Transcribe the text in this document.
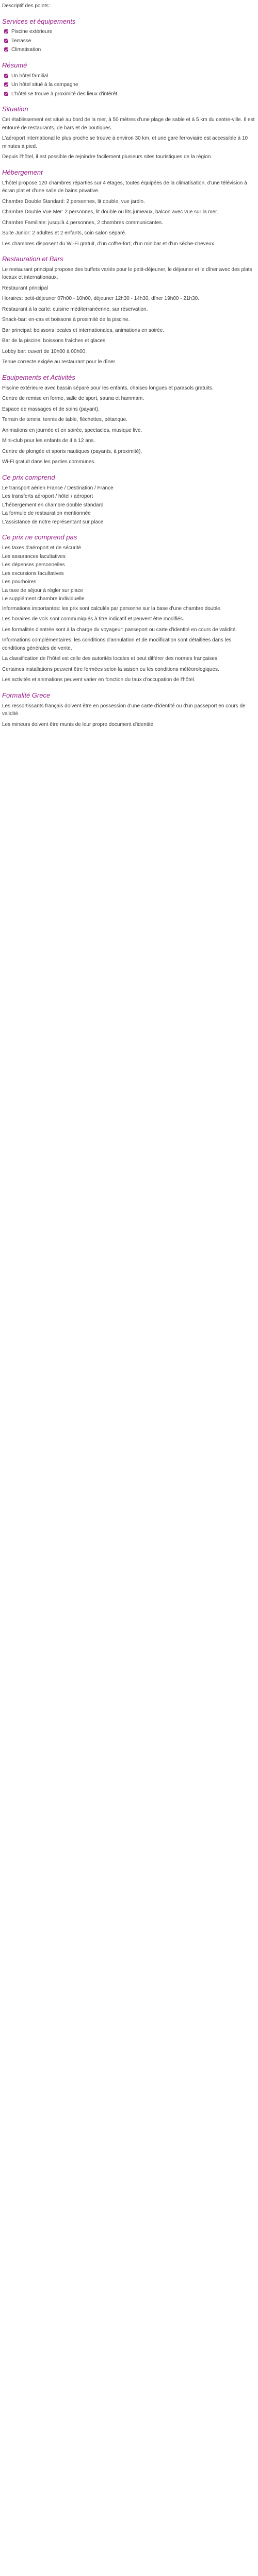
Descriptif des points:
Services et équipements
Piscine extérieure
Terrasse
Climatisation
Résumé
Un hôtel familial
Un hôtel situé à la campagne
L'hôtel se trouve à proximité des lieux d'intérêt
Situation

Cet établissement est situé au bord de la mer, à 50 mètres d'une plage de sable et à 5 km du centre-ville. Il est entouré de restaurants, de bars et de boutiques.

L'aéroport international le plus proche se trouve à environ 30 km, et une gare ferroviaire est accessible à 10 minutes à pied.

Depuis l'hôtel, il est possible de rejoindre facilement plusieurs sites touristiques de la région.

Hébergement

L'hôtel propose 120 chambres réparties sur 4 étages, toutes équipées de la climatisation, d'une télévision à écran plat et d'une salle de bains privative.

Chambre Double Standard: 2 personnes, lit double, vue jardin.

Chambre Double Vue Mer: 2 personnes, lit double ou lits jumeaux, balcon avec vue sur la mer.

Chambre Familiale: jusqu'à 4 personnes, 2 chambres communicantes.

Suite Junior: 2 adultes et 2 enfants, coin salon séparé.

Les chambres disposent du Wi-Fi gratuit, d'un coffre-fort, d'un minibar et d'un sèche-cheveux.

Restauration et Bars

Le restaurant principal propose des buffets variés pour le petit-déjeuner, le déjeuner et le dîner avec des plats locaux et internationaux.

Restaurant principal

Horaires: petit-déjeuner 07h00 - 10h00, déjeuner 12h30 - 14h30, dîner 19h00 - 21h30.

Restaurant à la carte: cuisine méditerranéenne, sur réservation.

Snack-bar: en-cas et boissons à proximité de la piscine.

Bar principal: boissons locales et internationales, animations en soirée.

Bar de la piscine: boissons fraîches et glaces.

Lobby bar: ouvert de 10h00 à 00h00.

Tenue correcte exigée au restaurant pour le dîner.

Equipements et Activités

Piscine extérieure avec bassin séparé pour les enfants, chaises longues et parasols gratuits.

Centre de remise en forme, salle de sport, sauna et hammam.

Espace de massages et de soins (payant).

Terrain de tennis, tennis de table, fléchettes, pétanque.

Animations en journée et en soirée, spectacles, musique live.

Mini-club pour les enfants de 4 à 12 ans.

Centre de plongée et sports nautiques (payants, à proximité).

Wi-Fi gratuit dans les parties communes.

Ce prix comprend
Le transport aérien France / Destination / France
Les transferts aéroport / hôtel / aéroport
L'hébergement en chambre double standard
La formule de restauration mentionnée
L'assistance de notre représentant sur place
Ce prix ne comprend pas
Les taxes d'aéroport et de sécurité
Les assurances facultatives
Les dépenses personnelles
Les excursions facultatives
Les pourboires
La taxe de séjour à régler sur place
Le supplément chambre individuelle

Informations importantes: les prix sont calculés par personne sur la base d'une chambre double.

Les horaires de vols sont communiqués à titre indicatif et peuvent être modifiés.

Les formalités d'entrée sont à la charge du voyageur: passeport ou carte d'identité en cours de validité.

Informations complémentaires: les conditions d'annulation et de modification sont détaillées dans les conditions générales de vente.

La classification de l'hôtel est celle des autorités locales et peut différer des normes françaises.

Certaines installations peuvent être fermées selon la saison ou les conditions météorologiques.

Les activités et animations peuvent varier en fonction du taux d'occupation de l'hôtel.

Formalité Grece

Les ressortissants français doivent être en possession d'une carte d'identité ou d'un passeport en cours de validité.

Les mineurs doivent être munis de leur propre document d'identité.
